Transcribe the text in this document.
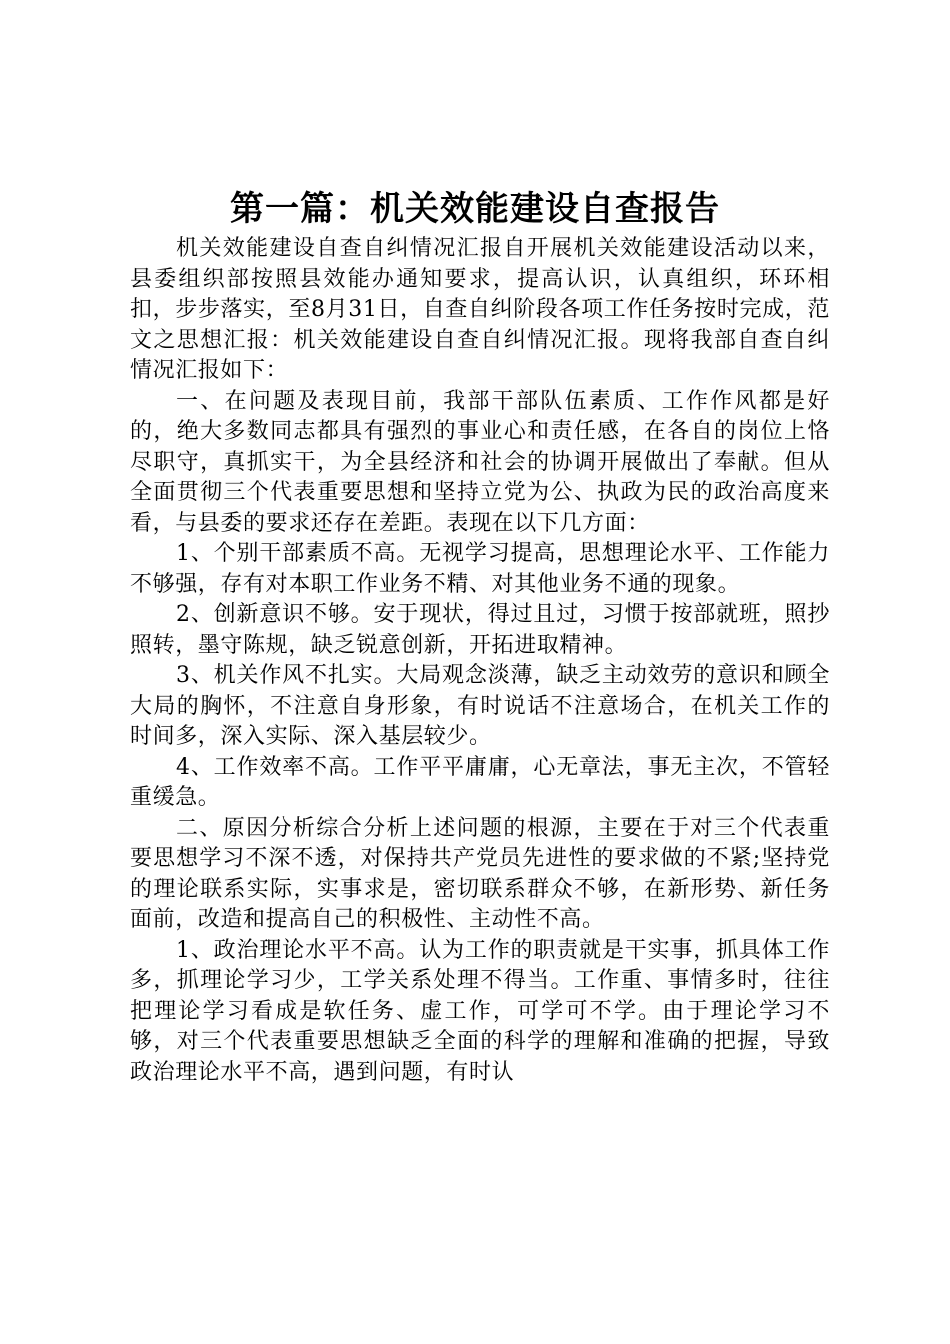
第一篇：机关效能建设自查报告

机关效能建设自查自纠情况汇报自开展机关效能建设活动以来，县委组织部按照县效能办通知要求，提高认识，认真组织，环环相扣，步步落实，至8月31日，自查自纠阶段各项工作任务按时完成，范文之思想汇报：机关效能建设自查自纠情况汇报。现将我部自查自纠情况汇报如下：

一、在问题及表现目前，我部干部队伍素质、工作作风都是好的，绝大多数同志都具有强烈的事业心和责任感，在各自的岗位上恪尽职守，真抓实干，为全县经济和社会的协调开展做出了奉献。但从全面贯彻三个代表重要思想和坚持立党为公、执政为民的政治高度来看，与县委的要求还存在差距。表现在以下几方面：

1、个别干部素质不高。无视学习提高，思想理论水平、工作能力不够强，存有对本职工作业务不精、对其他业务不通的现象。

2、创新意识不够。安于现状，得过且过，习惯于按部就班，照抄照转，墨守陈规，缺乏锐意创新，开拓进取精神。

3、机关作风不扎实。大局观念淡薄，缺乏主动效劳的意识和顾全大局的胸怀，不注意自身形象，有时说话不注意场合，在机关工作的时间多，深入实际、深入基层较少。

4、工作效率不高。工作平平庸庸，心无章法，事无主次，不管轻重缓急。

二、原因分析综合分析上述问题的根源，主要在于对三个代表重要思想学习不深不透，对保持共产党员先进性的要求做的不紧;坚持党的理论联系实际，实事求是，密切联系群众不够，在新形势、新任务面前，改造和提高自己的积极性、主动性不高。

1、政治理论水平不高。认为工作的职责就是干实事，抓具体工作多，抓理论学习少，工学关系处理不得当。工作重、事情多时，往往把理论学习看成是软任务、虚工作，可学可不学。由于理论学习不够，对三个代表重要思想缺乏全面的科学的理解和准确的把握，导致政治理论水平不高，遇到问题，有时认
